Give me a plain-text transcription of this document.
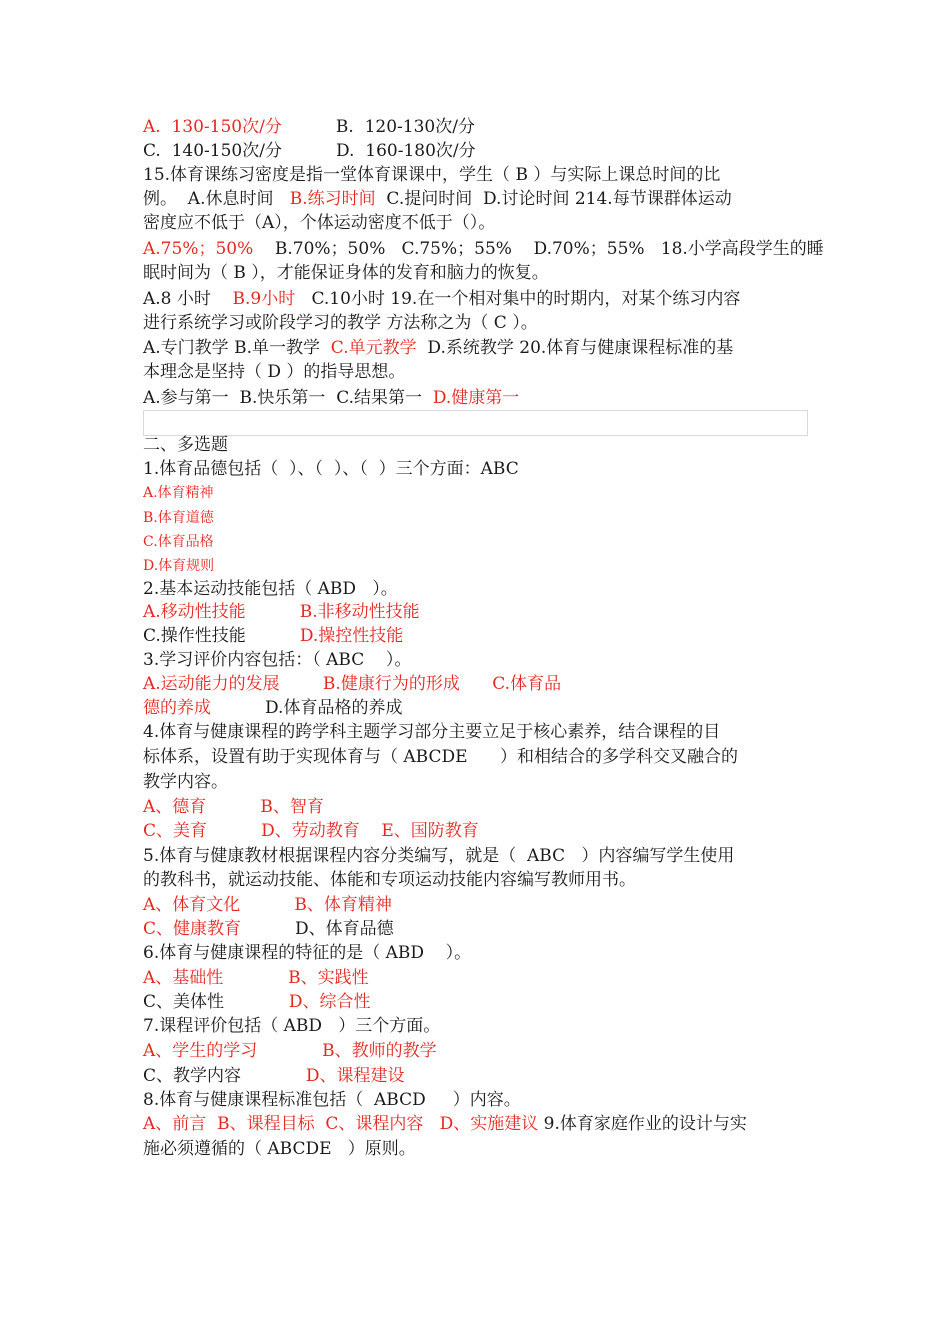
A.  130-150次/分          B.  120-130次/分
C.  140-150次/分          D.  160-180次/分
15.体育课练习密度是指一堂体育课课中，学生（ B ）与实际上课总时间的比
例。  A.休息时间   B.练习时间  C.提问时间  D.讨论时间 214.每节课群体运动
密度应不低于（A），个体运动密度不低于（）。
A.75%；50%    B.70%；50%   C.75%；55%    D.70%；55%   18.小学高段学生的睡
眠时间为（ B ），才能保证身体的发育和脑力的恢复。
A.8 小时    B.9小时   C.10小时 19.在一个相对集中的时期内，对某个练习内容
进行系统学习或阶段学习的教学 方法称之为（ C ）。
A.专门教学 B.单一教学  C.单元教学  D.系统教学 20.体育与健康课程标准的基
本理念是坚持（ D ）的指导思想。
A.参与第一  B.快乐第一  C.结果第一  D.健康第一
二、多选题
1.体育品德包括（  ）、（  ）、（  ）三个方面：ABC
A.体育精神
B.体育道德
C.体育品格
D.体育规则
2.基本运动技能包括（ ABD   ）。
A.移动性技能	B.非移动性技能
C.操作性技能          D.操控性技能
3.学习评价内容包括：（ ABC    ）。
A.运动能力的发展	B.健康行为的形成 C.体育品
德的养成          D.体育品格的养成
4.体育与健康课程的跨学科主题学习部分主要立足于核心素养，结合课程的目
标体系，设置有助于实现体育与（ ABCDE      ）和相结合的多学科交叉融合的
教学内容。
A、德育	B、智育
C、美育	D、劳动教育 E、国防教育
5.体育与健康教材根据课程内容分类编写，就是（  ABC   ）内容编写学生使用
的教科书，就运动技能、体能和专项运动技能内容编写教师用书。
A、体育文化	B、体育精神
C、健康教育          D、体育品德
6.体育与健康课程的特征的是（ ABD    ）。
A、基础性	B、实践性
C、美体性            D、综合性
7.课程评价包括（ ABD   ）三个方面。
A、学生的学习	B、教师的教学
C、教学内容            D、课程建设
8.体育与健康课程标准包括（  ABCD     ）内容。
A、前言  B、课程目标  C、课程内容   D、实施建议 9.体育家庭作业的设计与实
施必须遵循的（ ABCDE   ）原则。
